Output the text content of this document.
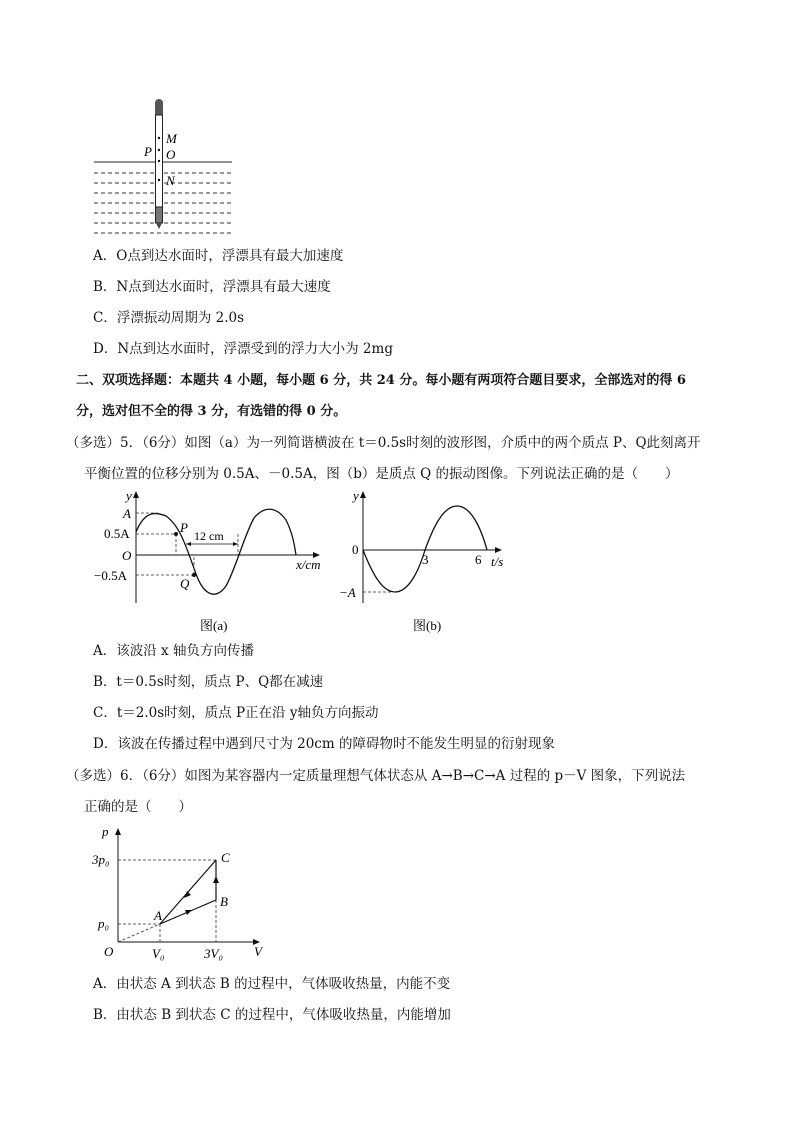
M
P O
N
A．O点到达水面时，浮漂具有最大加速度
B．N点到达水面时，浮漂具有最大速度
C．浮漂振动周期为 2.0s
D．N点到达水面时，浮漂受到的浮力大小为 2mg
二、双项选择题：本题共 4 小题，每小题 6 分，共 24 分。每小题有两项符合题目要求，全部选对的得 6
分，选对但不全的得 3 分，有选错的得 0 分。
（多选）5．（6分）如图（a）为一列简谐横波在 t＝0.5s时刻的波形图，介质中的两个质点 P、Q此刻离开
平衡位置的位移分别为 0.5A、－0.5A，图（b）是质点 Q 的振动图像。下列说法正确的是（　　）
y
A
0.5A
O
−0.5A
P
Q
12 cm
x/cm
图(a)
y
0
3	6 t/s
−A
图(b)
A．该波沿 x 轴负方向传播
B．t＝0.5s时刻，质点 P、Q都在减速
C．t＝2.0s时刻，质点 P正在沿 y轴负方向振动
D．该波在传播过程中遇到尺寸为 20cm 的障碍物时不能发生明显的衍射现象
（多选）6．（6分）如图为某容器内一定质量理想气体状态从 A→B→C→A 过程的 p－V 图象，下列说法
正确的是（　　）
p
3p₀
p₀
O	V₀	3V₀ V
A
B
C
A．由状态 A 到状态 B 的过程中，气体吸收热量，内能不变
B．由状态 B 到状态 C 的过程中，气体吸收热量，内能增加
